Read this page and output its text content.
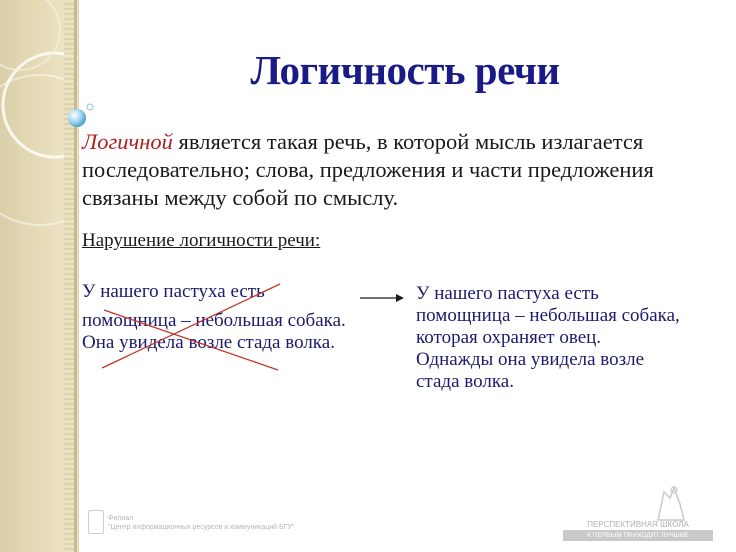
Логичность речи
Логичной является такая речь, в которой мысль излагается последовательно; слова, предложения и части предложения связаны между собой по смыслу.
Нарушение логичности речи:
У нашего пастуха есть
помощница – небольшая собака.
Она увидела возле стада волка.
У нашего пастуха есть
помощница – небольшая собака,
которая охраняет овец.
Однажды она увидела возле
стада волка.
Филиал
"Центр информационных ресурсов и коммуникаций БГУ"	ПЕРСПЕКТИВНАЯ ШКОЛА
К ПЕРВЫМ ПРИХОДЯТ ЛУЧШИЕ
